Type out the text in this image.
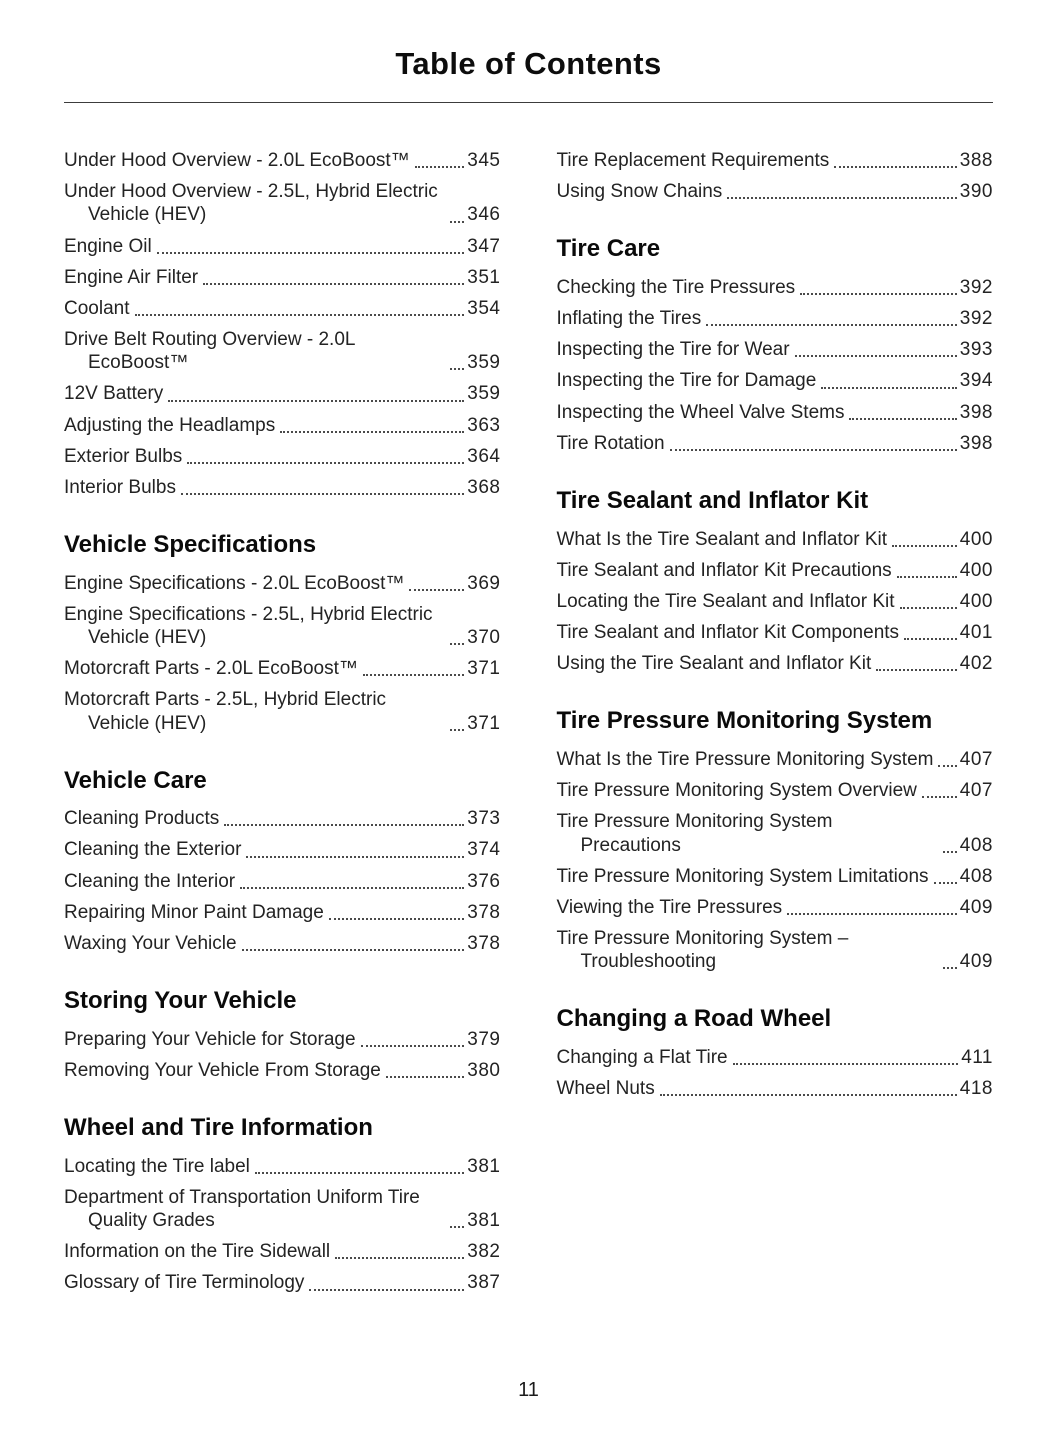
Table of Contents
Under Hood Overview - 2.0L EcoBoost™	345
Under Hood Overview - 2.5L, Hybrid Electric Vehicle (HEV)	346
Engine Oil	347
Engine Air Filter	351
Coolant	354
Drive Belt Routing Overview - 2.0L EcoBoost™	359
12V Battery	359
Adjusting the Headlamps	363
Exterior Bulbs	364
Interior Bulbs	368
Vehicle Specifications
Engine Specifications - 2.0L EcoBoost™	369
Engine Specifications - 2.5L, Hybrid Electric Vehicle (HEV)	370
Motorcraft Parts - 2.0L EcoBoost™	371
Motorcraft Parts - 2.5L, Hybrid Electric Vehicle (HEV)	371
Vehicle Care
Cleaning Products	373
Cleaning the Exterior	374
Cleaning the Interior	376
Repairing Minor Paint Damage	378
Waxing Your Vehicle	378
Storing Your Vehicle
Preparing Your Vehicle for Storage	379
Removing Your Vehicle From Storage	380
Wheel and Tire Information
Locating the Tire label	381
Department of Transportation Uniform Tire Quality Grades	381
Information on the Tire Sidewall	382
Glossary of Tire Terminology	387
Tire Replacement Requirements	388
Using Snow Chains	390
Tire Care
Checking the Tire Pressures	392
Inflating the Tires	392
Inspecting the Tire for Wear	393
Inspecting the Tire for Damage	394
Inspecting the Wheel Valve Stems	398
Tire Rotation	398
Tire Sealant and Inflator Kit
What Is the Tire Sealant and Inflator Kit	400
Tire Sealant and Inflator Kit Precautions	400
Locating the Tire Sealant and Inflator Kit	400
Tire Sealant and Inflator Kit Components	401
Using the Tire Sealant and Inflator Kit	402
Tire Pressure Monitoring System
What Is the Tire Pressure Monitoring System 407
Tire Pressure Monitoring System Overview 407
Tire Pressure Monitoring System Precautions	408
Tire Pressure Monitoring System Limitations 408
Viewing the Tire Pressures	409
Tire Pressure Monitoring System – Troubleshooting	409
Changing a Road Wheel
Changing a Flat Tire	411
Wheel Nuts	418
11
